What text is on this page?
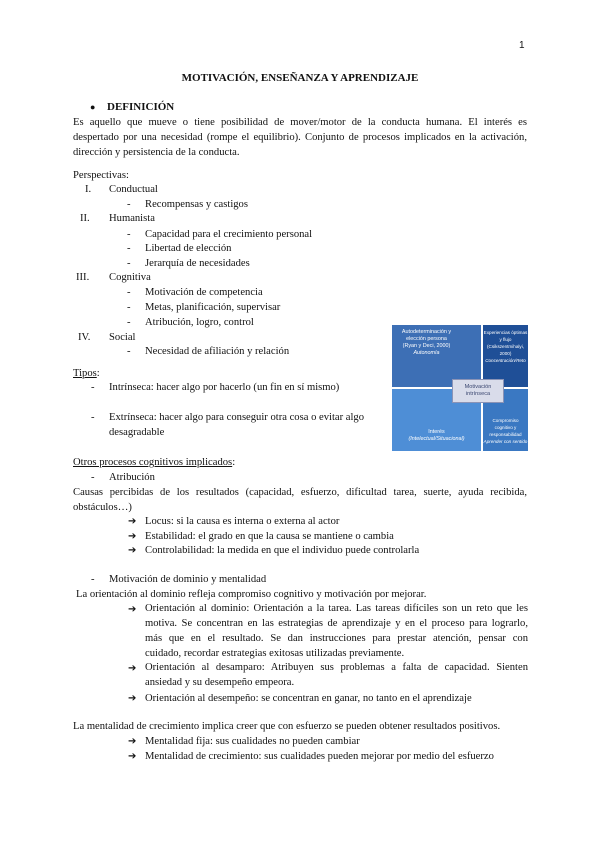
1
MOTIVACIÓN, ENSEÑANZA Y APRENDIZAJE
● DEFINICIÓN
Es aquello que mueve o tiene posibilidad de mover/motor de la conducta humana. El interés es
despertado por una necesidad (rompe el equilibrio). Conjunto de procesos implicados en la activación,
dirección y persistencia de la conducta.
Perspectivas:
I. Conductual
- Recompensas y castigos
II. Humanista
- Capacidad para el crecimiento personal
- Libertad de elección
- Jerarquía de necesidades
III. Cognitiva
- Motivación de competencia
- Metas, planificación, supervisar
- Atribución, logro, control
IV. Social
- Necesidad de afiliación y relación
Tipos:
- Intrínseca: hacer algo por hacerlo (un fin en sí mismo)
- Extrínseca: hacer algo para conseguir otra cosa o evitar algo
desagradable
Autodeterminación y
elección persona
(Ryan y Deci, 2000)
Autonomía
Experiencias óptimas y flujo
(Csikszentmihalyi, 2000)
Concentración/Reto
Interés
(Intelectual/Situacional)
Compromiso cognitivo y
responsabilidad
Aprender con sentido
Motivación
intrínseca
Otros procesos cognitivos implicados:
- Atribución
Causas percibidas de los resultados (capacidad, esfuerzo, dificultad tarea, suerte, ayuda recibida,
obstáculos…)
➔ Locus: si la causa es interna o externa al actor
➔ Estabilidad: el grado en que la causa se mantiene o cambia
➔ Controlabilidad: la medida en que el individuo puede controlarla
- Motivación de dominio y mentalidad
La orientación al dominio refleja compromiso cognitivo y motivación por mejorar.
➔ Orientación al dominio: Orientación a la tarea. Las tareas difíciles son un reto que les
motiva. Se concentran en las estrategias de aprendizaje y en el proceso para lograrlo,
más que en el resultado. Se dan instrucciones para prestar atención, pensar con
cuidado, recordar estrategias exitosas utilizadas previamente.
➔ Orientación al desamparo: Atribuyen sus problemas a falta de capacidad. Sienten
ansiedad y su desempeño empeora.
➔ Orientación al desempeño: se concentran en ganar, no tanto en el aprendizaje
La mentalidad de crecimiento implica creer que con esfuerzo se pueden obtener resultados positivos.
➔ Mentalidad fija: sus cualidades no pueden cambiar
➔ Mentalidad de crecimiento: sus cualidades pueden mejorar por medio del esfuerzo
